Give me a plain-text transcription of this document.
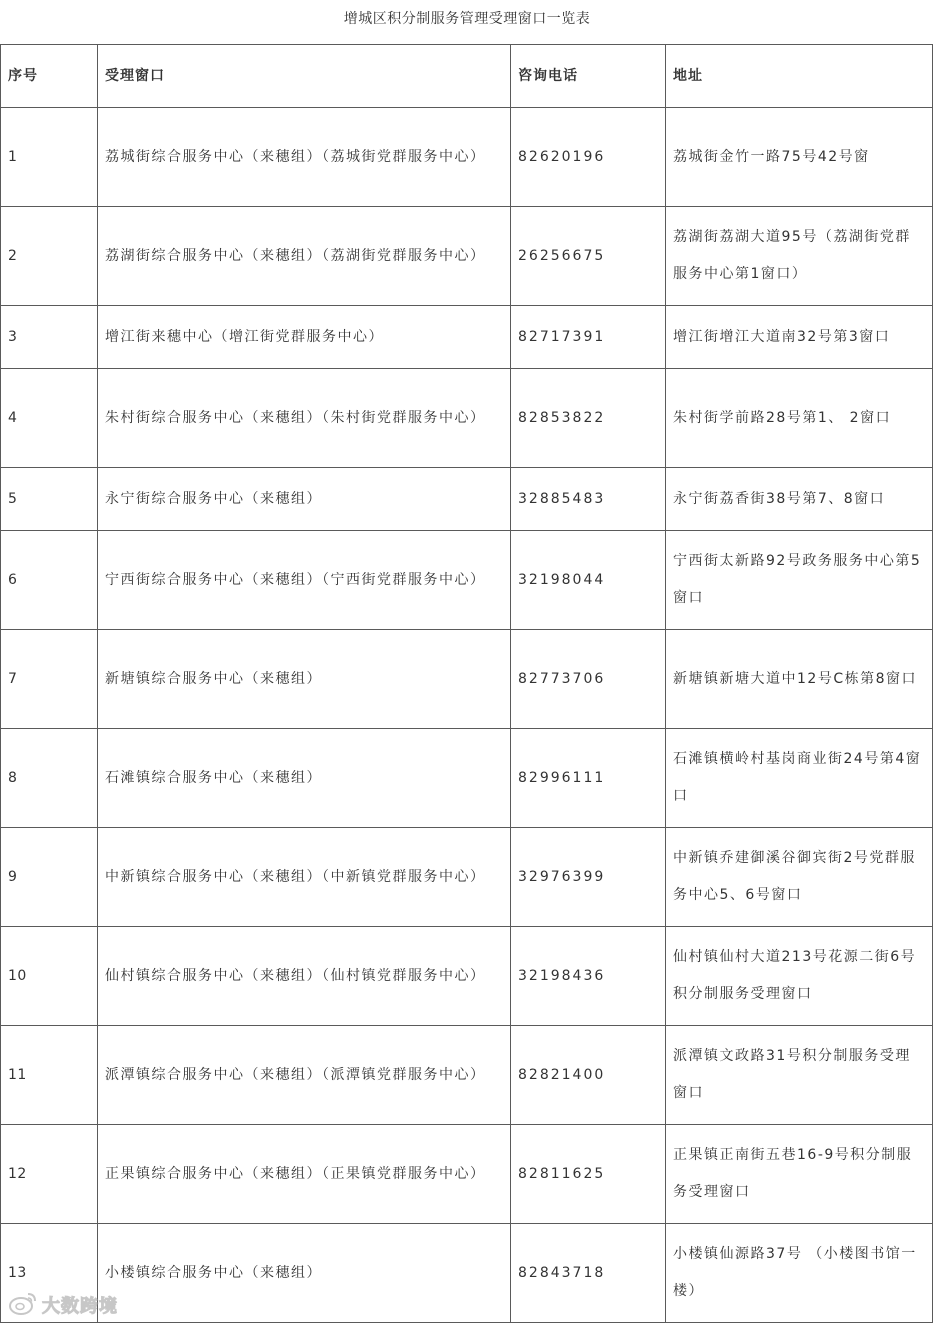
增城区积分制服务管理受理窗口一览表
序号	受理窗口	咨询电话	地址
1	荔城街综合服务中心（来穗组）（荔城街党群服务中心）	82620196	荔城街金竹一路75号42号窗
2	荔湖街综合服务中心（来穗组）（荔湖街党群服务中心）	26256675	荔湖街荔湖大道95号（荔湖街党群服务中心第1窗口）
3	增江街来穗中心（增江街党群服务中心）	82717391	增江街增江大道南32号第3窗口
4	朱村街综合服务中心（来穗组）（朱村街党群服务中心）	82853822	朱村街学前路28号第1、 2窗口
5	永宁街综合服务中心（来穗组）	32885483	永宁街荔香街38号第7、8窗口
6	宁西街综合服务中心（来穗组）（宁西街党群服务中心）	32198044	宁西街太新路92号政务服务中心第5窗口
7	新塘镇综合服务中心（来穗组）	82773706	新塘镇新塘大道中12号C栋第8窗口
8	石滩镇综合服务中心（来穗组）	82996111	石滩镇横岭村基岗商业街24号第4窗口
9	中新镇综合服务中心（来穗组）（中新镇党群服务中心）	32976399	中新镇乔建御溪谷御宾街2号党群服务中心5、6号窗口
10	仙村镇综合服务中心（来穗组）（仙村镇党群服务中心）	32198436	仙村镇仙村大道213号花源二街6号积分制服务受理窗口
11	派潭镇综合服务中心（来穗组）（派潭镇党群服务中心）	82821400	派潭镇文政路31号积分制服务受理窗口
12	正果镇综合服务中心（来穗组）（正果镇党群服务中心）	82811625	正果镇正南街五巷16-9号积分制服务受理窗口
13	小楼镇综合服务中心（来穗组）	82843718	小楼镇仙源路37号 （小楼图书馆一楼）
大数跨境
